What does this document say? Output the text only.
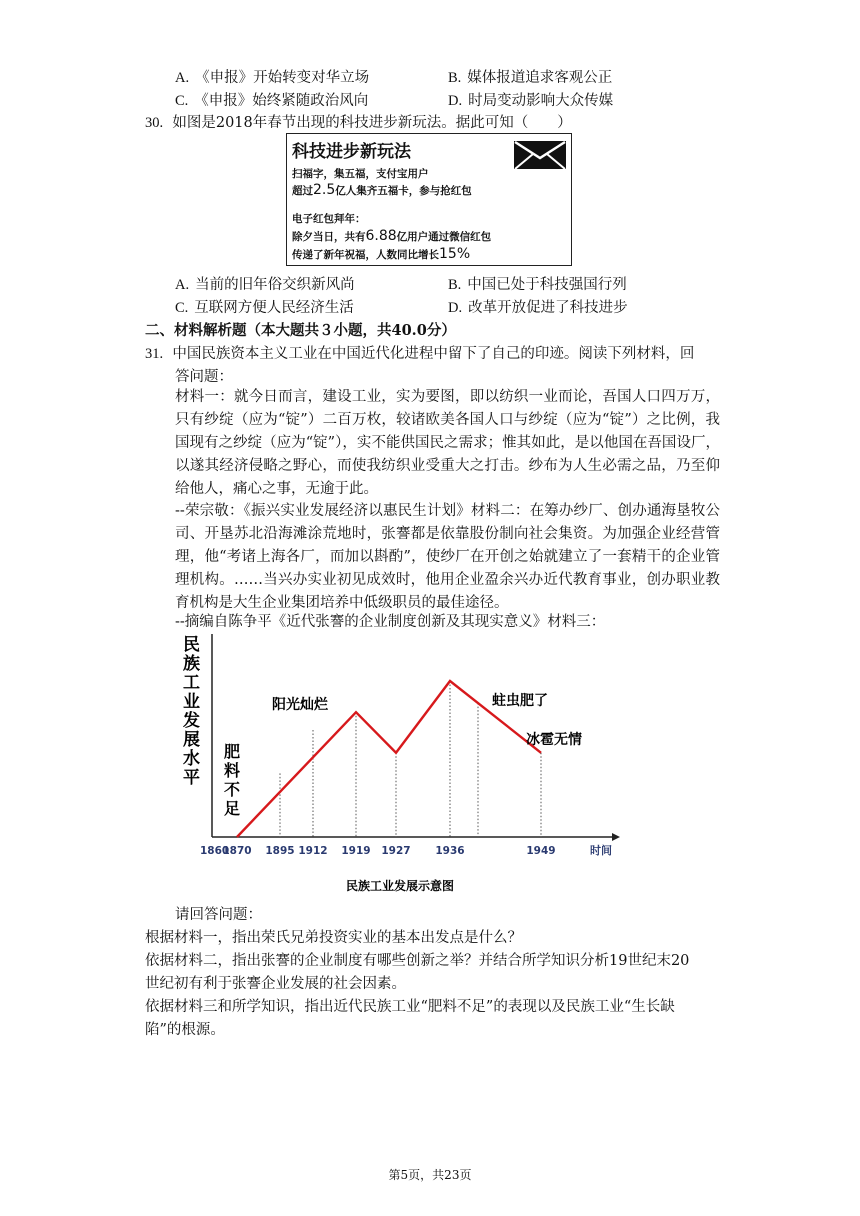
A. 《申报》开始转变对华立场	B. 媒体报道追求客观公正
C. 《申报》始终紧随政治风向	D. 时局变动影响大众传媒
30. 如图是2018年春节出现的科技进步新玩法。据此可知（　　）
科技进步新玩法
扫福字，集五福，支付宝用户
超过2.5亿人集齐五福卡，参与抢红包
电子红包拜年：
除夕当日，共有6.88亿用户通过微信红包
传递了新年祝福，人数同比增长15%
A. 当前的旧年俗交织新风尚	B. 中国已处于科技强国行列
C. 互联网方便人民经济生活	D. 改革开放促进了科技进步
二、材料解析题（本大题共３小题，共40.0分）
31. 中国民族资本主义工业在中国近代化进程中留下了自己的印迹。阅读下列材料，回
答问题：
材料一：就今日而言，建设工业，实为要图，即以纺织一业而论，吾国人口四万万，只有纱绽（应为“锭”）二百万枚，较诸欧美各国人口与纱绽（应为“锭”）之比例，我国现有之纱绽（应为“锭”），实不能供国民之需求；惟其如此，是以他国在吾国设厂，以遂其经济侵略之野心，而使我纺织业受重大之打击。纱布为人生必需之品，乃至仰给他人，痛心之事，无逾于此。
--荣宗敬：《振兴实业发展经济以惠民生计划》材料二：在筹办纱厂、创办通海垦牧公司、开垦苏北沿海滩涂荒地时，张謇都是依靠股份制向社会集资。为加强企业经营管理，他“考诸上海各厂，而加以斟酌”，使纱厂在开创之始就建立了一套精干的企业管理机构。……当兴办实业初见成效时，他用企业盈余兴办近代教育事业，创办职业教育机构是大生企业集团培养中低级职员的最佳途径。
--摘编自陈争平《近代张謇的企业制度创新及其现实意义》材料三：
民
族
工
业
发
展
水
平
1860
1870 1895 1912 1919 1927 1936	1949	时间
肥
料
不
足
阳光灿烂	蛀虫肥了
冰雹无情
民族工业发展示意图
请回答问题：
根据材料一，指出荣氏兄弟投资实业的基本出发点是什么？
依据材料二，指出张謇的企业制度有哪些创新之举？并结合所学知识分析19世纪末20
世纪初有利于张謇企业发展的社会因素。
依据材料三和所学知识，指出近代民族工业“肥料不足”的表现以及民族工业“生长缺
陷”的根源。
第5页，共23页
